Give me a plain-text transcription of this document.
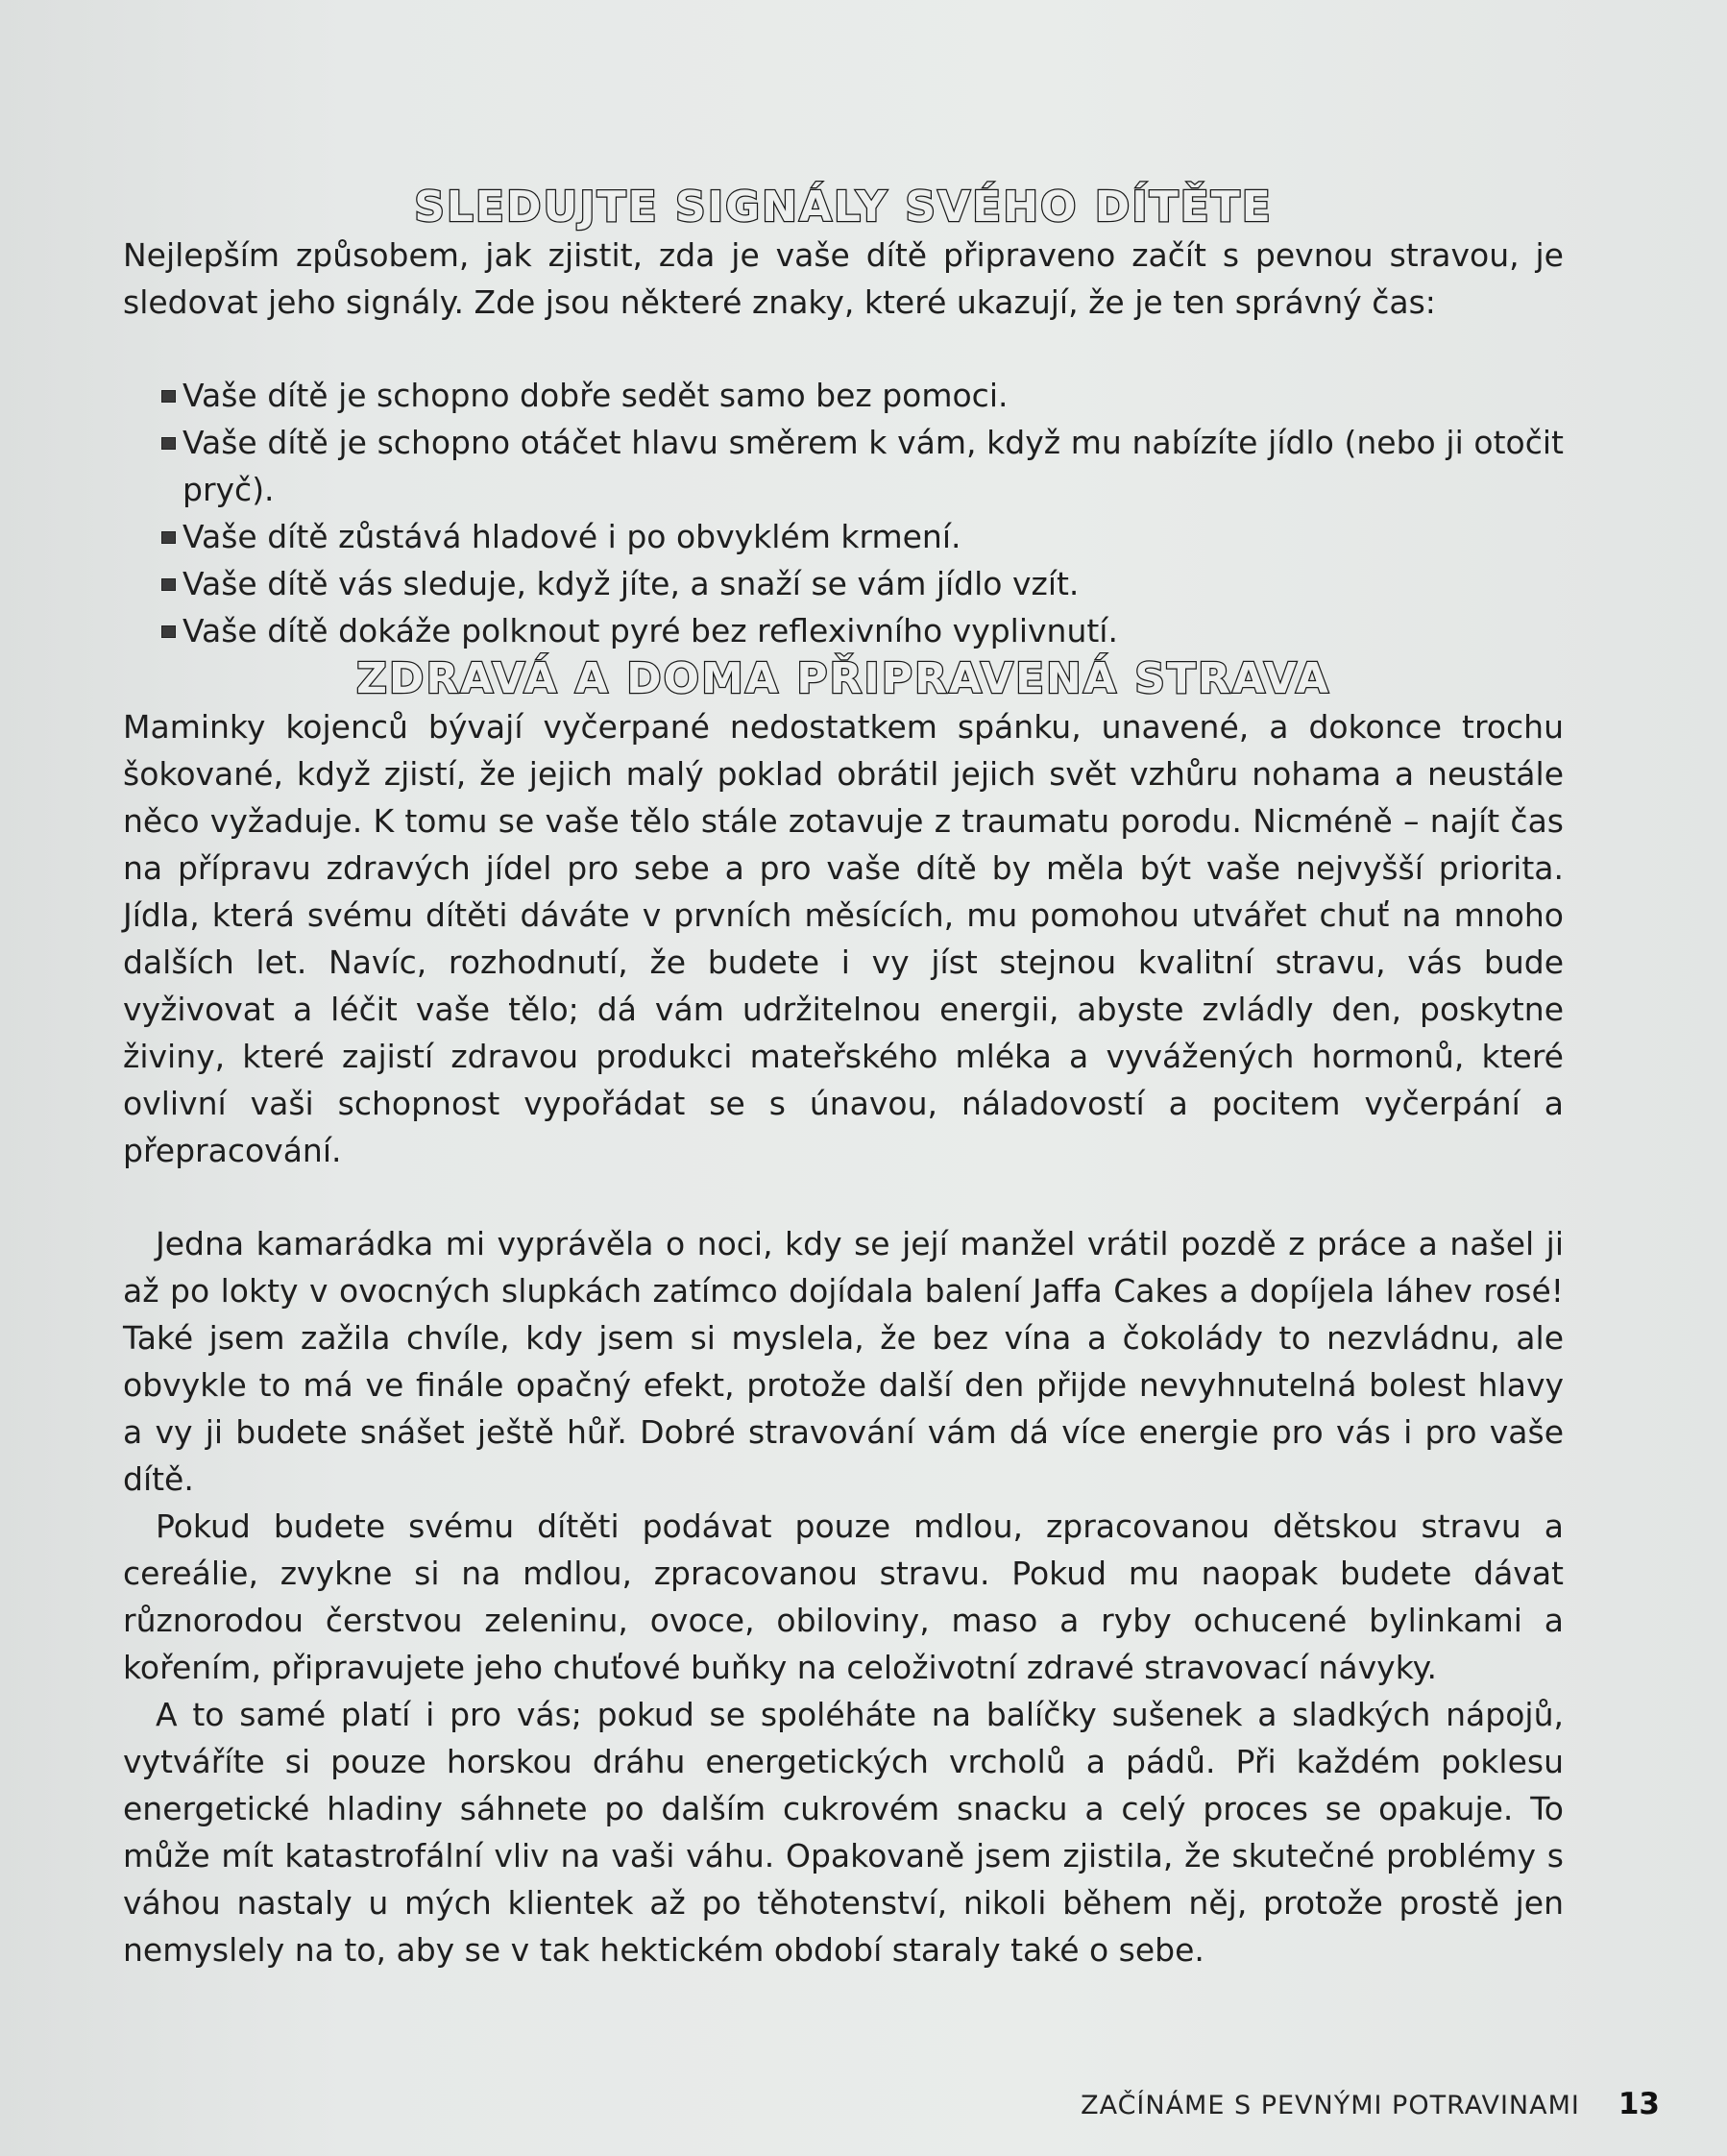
SLEDUJTE SIGNÁLY SVÉHO DÍTĚTE

Nejlepším způsobem, jak zjistit, zda je vaše dítě připraveno začít s pevnou stravou, je sledovat jeho signály. Zde jsou některé znaky, které ukazují, že je ten správný čas:

Vaše dítě je schopno dobře sedět samo bez pomoci.
Vaše dítě je schopno otáčet hlavu směrem k vám, když mu nabízíte jídlo (nebo ji otočit pryč).
Vaše dítě zůstává hladové i po obvyklém krmení.
Vaše dítě vás sleduje, když jíte, a snaží se vám jídlo vzít.
Vaše dítě dokáže polknout pyré bez reflexivního vyplivnutí.
ZDRAVÁ A DOMA PŘIPRAVENÁ STRAVA

Maminky kojenců bývají vyčerpané nedostatkem spánku, unavené, a dokonce trochu šokované, když zjistí, že jejich malý poklad obrátil jejich svět vzhůru nohama a neustále něco vyžaduje. K tomu se vaše tělo stále zotavuje z traumatu porodu. Nicméně – najít čas na přípravu zdravých jídel pro sebe a pro vaše dítě by měla být vaše nejvyšší priorita. Jídla, která svému dítěti dáváte v prvních měsících, mu pomohou utvářet chuť na mnoho dalších let. Navíc, rozhodnutí, že budete i vy jíst stejnou kvalitní stravu, vás bude vyživovat a léčit vaše tělo; dá vám udržitelnou energii, abyste zvládly den, poskytne živiny, které zajistí zdravou produkci mateřského mléka a vyvážených hormonů, které ovlivní vaši schopnost vypořádat se s únavou, náladovostí a pocitem vyčerpání a přepracování.

Jedna kamarádka mi vyprávěla o noci, kdy se její manžel vrátil pozdě z práce a našel ji až po lokty v ovocných slupkách zatímco dojídala balení Jaffa Cakes a dopíjela láhev rosé! Také jsem zažila chvíle, kdy jsem si myslela, že bez vína a čokolády to nezvládnu, ale obvykle to má ve finále opačný efekt, protože další den přijde nevyhnutelná bolest hlavy a vy ji budete snášet ještě hůř. Dobré stravování vám dá více energie pro vás i pro vaše dítě.

Pokud budete svému dítěti podávat pouze mdlou, zpracovanou dětskou stravu a cereálie, zvykne si na mdlou, zpracovanou stravu. Pokud mu naopak budete dávat různorodou čerstvou zeleninu, ovoce, obiloviny, maso a ryby ochucené bylinkami a kořením, připravujete jeho chuťové buňky na celoživotní zdravé stravovací návyky.

A to samé platí i pro vás; pokud se spoléháte na balíčky sušenek a sladkých nápojů, vytváříte si pouze horskou dráhu energetických vrcholů a pádů. Při každém poklesu energetické hladiny sáhnete po dalším cukrovém snacku a celý proces se opakuje. To může mít katastrofální vliv na vaši váhu. Opakovaně jsem zjistila, že skutečné problémy s váhou nastaly u mých klientek až po těhotenství, nikoli během něj, protože prostě jen nemyslely na to, aby se v tak hektickém období staraly také o sebe.

ZAČÍNÁME S PEVNÝMI POTRAVINAMI 13
